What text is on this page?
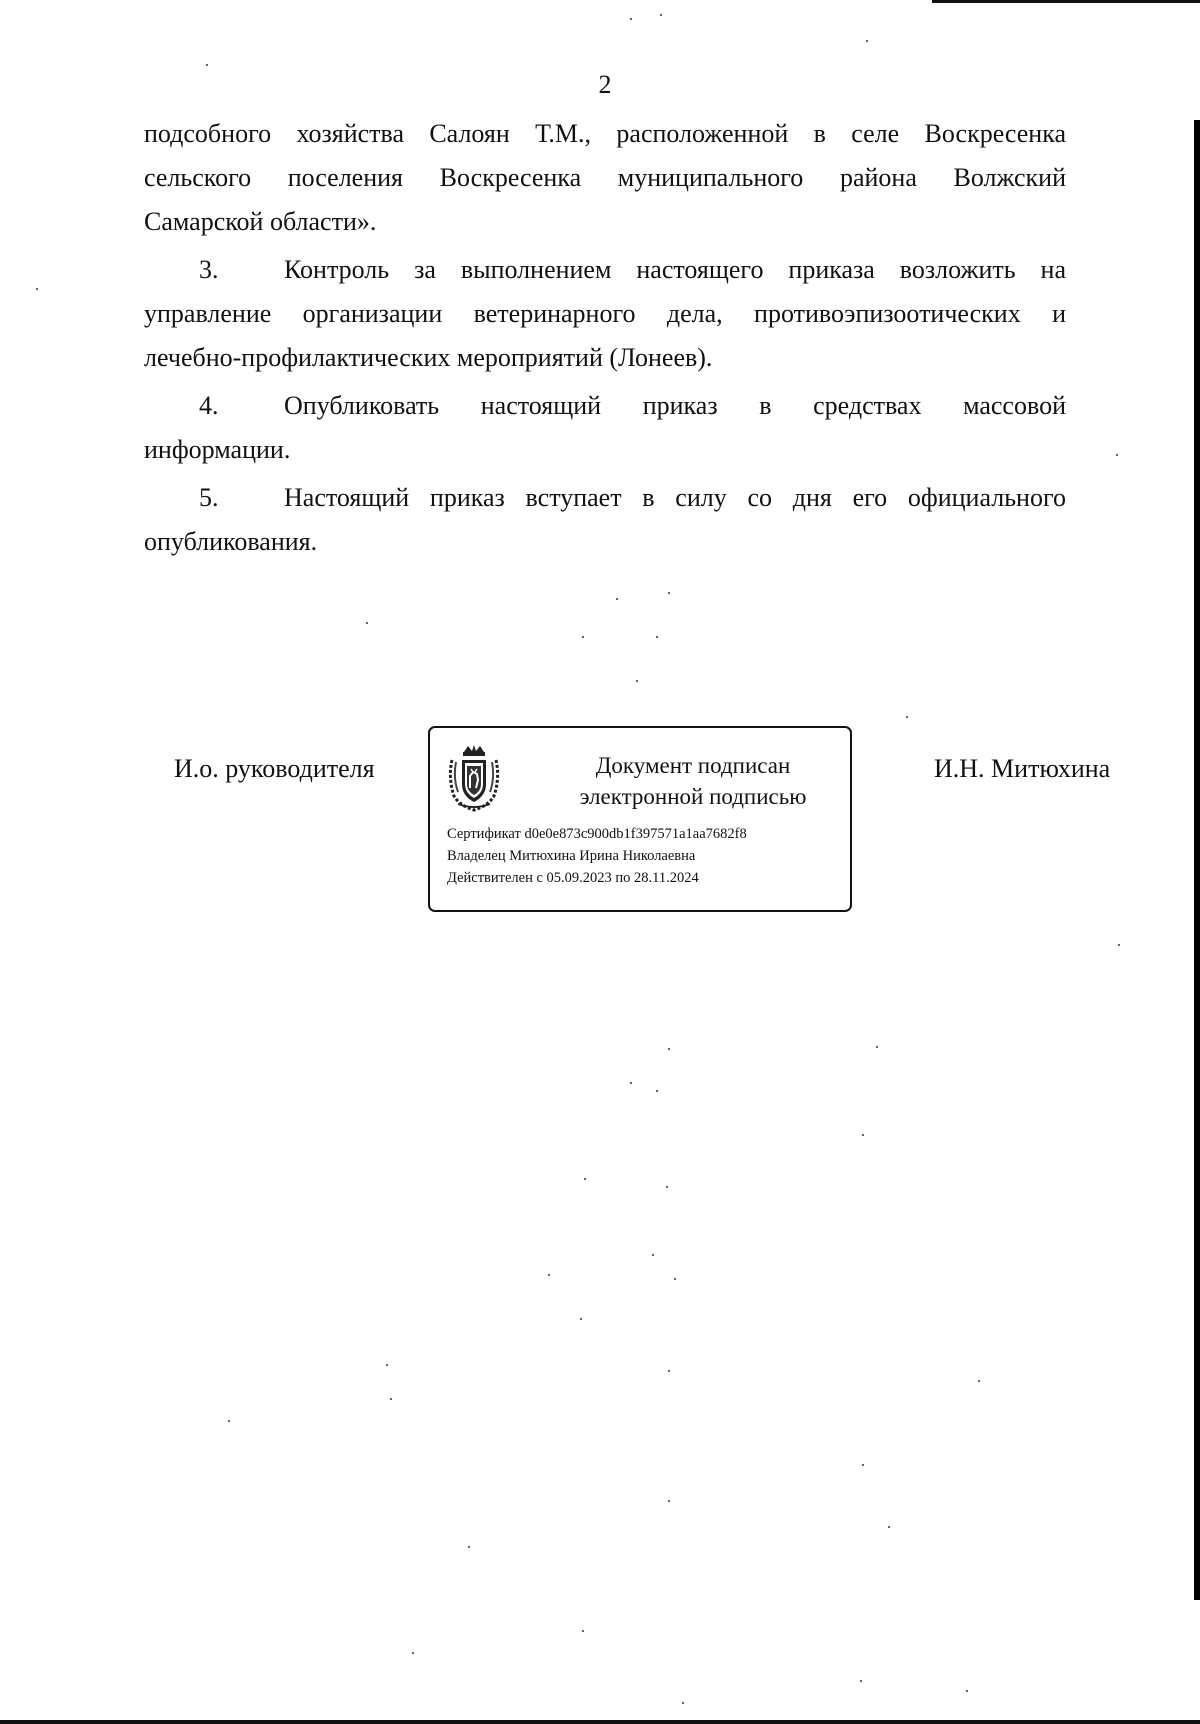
2
подсобного хозяйства Салоян Т.М., расположенной в селе Воскресенка
сельского поселения Воскресенка муниципального района Волжский
Самарской области».
3.	Контроль за выполнением настоящего приказа возложить на
управление организации ветеринарного дела, противоэпизоотических и
лечебно-профилактических мероприятий (Лонеев).
4.	Опубликовать настоящий приказ в средствах массовой
информации.
5.	Настоящий приказ вступает в силу со дня его официального
опубликования.
И.о. руководителя	Документ подписан
электронной подписью
Сертификат d0e0e873c900db1f397571a1aa7682f8
Владелец Митюхина Ирина Николаевна
Действителен с 05.09.2023 по 28.11.2024
И.Н. Митюхина
